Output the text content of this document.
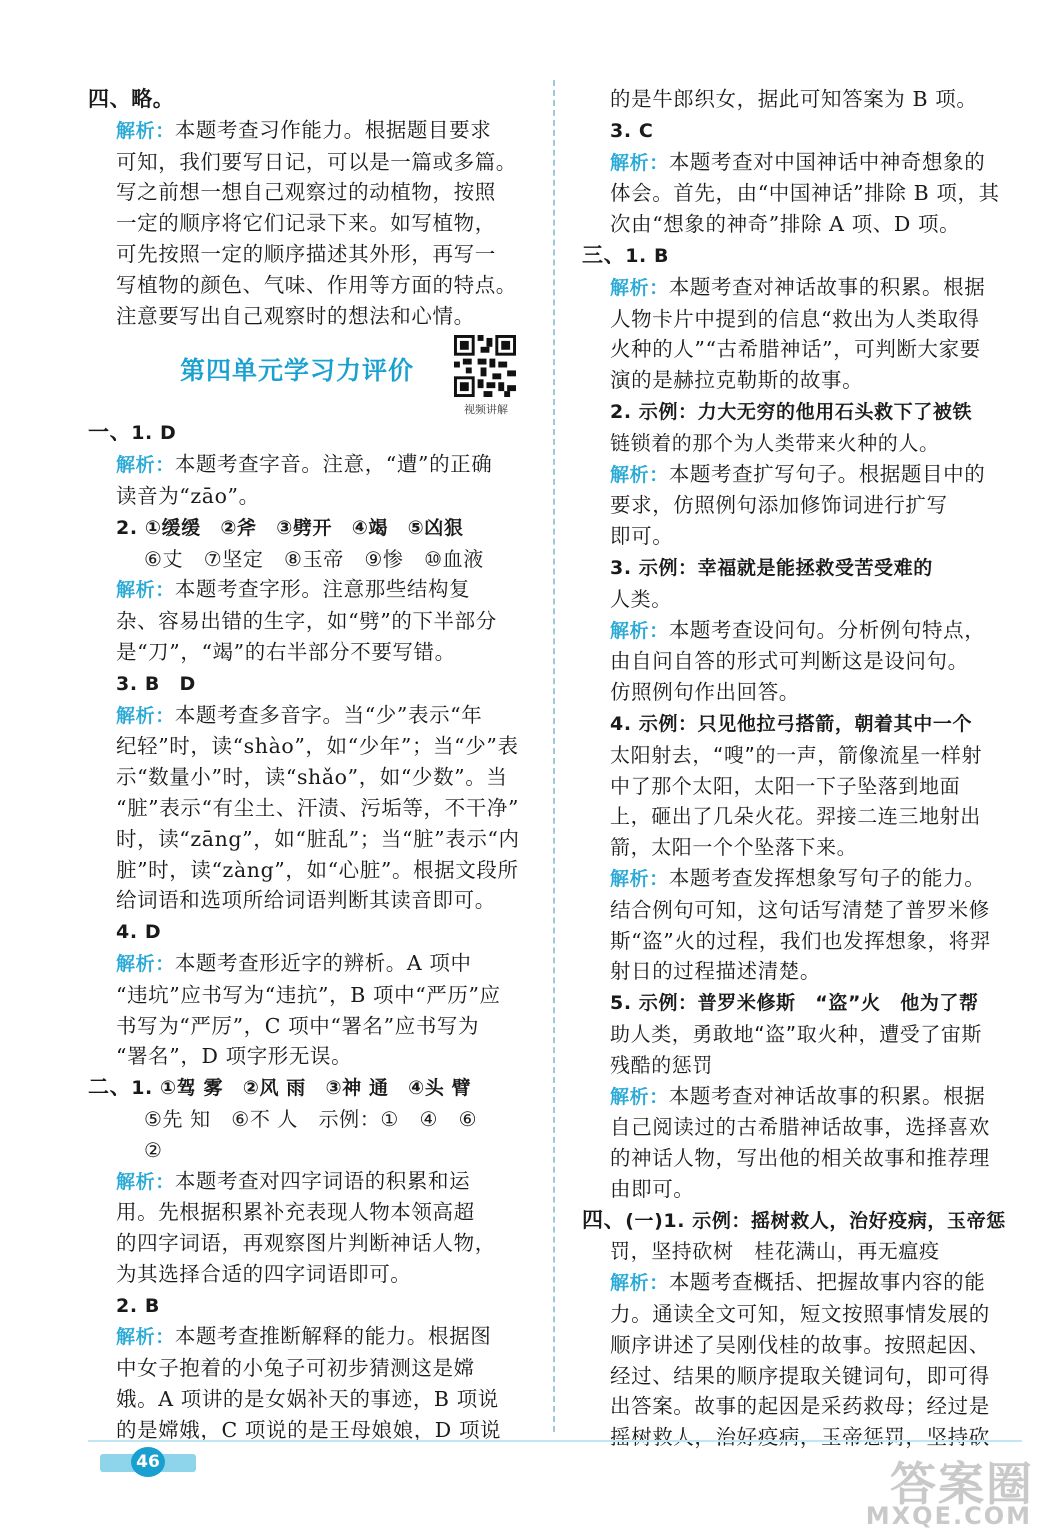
四、略。
解析：本题考查习作能力。根据题目要求
可知，我们要写日记，可以是一篇或多篇。
写之前想一想自己观察过的动植物，按照
一定的顺序将它们记录下来。如写植物，
可先按照一定的顺序描述其外形，再写一
写植物的颜色、气味、作用等方面的特点。
注意要写出自己观察时的想法和心情。
第四单元学习力评价
视频讲解
一、1. D
解析：本题考查字音。注意，“遭”的正确
读音为“zāo”。
2. ①缓缓　②斧　③劈开　④竭　⑤凶狠
⑥丈　⑦坚定　⑧玉帝　⑨惨　⑩血液
解析：本题考查字形。注意那些结构复
杂、容易出错的生字，如“劈”的下半部分
是“刀”，“竭”的右半部分不要写错。
3. B　D
解析：本题考查多音字。当“少”表示“年
纪轻”时，读“shào”，如“少年”；当“少”表
示“数量小”时，读“shǎo”，如“少数”。当
“脏”表示“有尘土、汗渍、污垢等，不干净”
时，读“zāng”，如“脏乱”；当“脏”表示“内
脏”时，读“zàng”，如“心脏”。根据文段所
给词语和选项所给词语判断其读音即可。
4. D
解析：本题考查形近字的辨析。A 项中
“违坑”应书写为“违抗”，B 项中“严历”应
书写为“严厉”，C 项中“署名”应书写为
“署名”，D 项字形无误。
二、1. ①驾 雾　②风 雨　③神 通　④头 臂
⑤先 知　⑥不 人　示例：①　④　⑥
②
解析：本题考查对四字词语的积累和运
用。先根据积累补充表现人物本领高超
的四字词语，再观察图片判断神话人物，
为其选择合适的四字词语即可。
2. B
解析：本题考查推断解释的能力。根据图
中女子抱着的小兔子可初步猜测这是嫦
娥。A 项讲的是女娲补天的事迹，B 项说
的是嫦娥，C 项说的是王母娘娘，D 项说
的是牛郎织女，据此可知答案为 B 项。
3. C
解析：本题考查对中国神话中神奇想象的
体会。首先，由“中国神话”排除 B 项，其
次由“想象的神奇”排除 A 项、D 项。
三、1. B
解析：本题考查对神话故事的积累。根据
人物卡片中提到的信息“救出为人类取得
火种的人”“古希腊神话”，可判断大家要
演的是赫拉克勒斯的故事。
2. 示例：力大无穷的他用石头救下了被铁
链锁着的那个为人类带来火种的人。
解析：本题考查扩写句子。根据题目中的
要求，仿照例句添加修饰词进行扩写
即可。
3. 示例：幸福就是能拯救受苦受难的
人类。
解析：本题考查设问句。分析例句特点，
由自问自答的形式可判断这是设问句。
仿照例句作出回答。
4. 示例：只见他拉弓搭箭，朝着其中一个
太阳射去，“嗖”的一声，箭像流星一样射
中了那个太阳，太阳一下子坠落到地面
上，砸出了几朵火花。羿接二连三地射出
箭，太阳一个个坠落下来。
解析：本题考查发挥想象写句子的能力。
结合例句可知，这句话写清楚了普罗米修
斯“盗”火的过程，我们也发挥想象，将羿
射日的过程描述清楚。
5. 示例：普罗米修斯　“盗”火　他为了帮
助人类，勇敢地“盗”取火种，遭受了宙斯
残酷的惩罚
解析：本题考查对神话故事的积累。根据
自己阅读过的古希腊神话故事，选择喜欢
的神话人物，写出他的相关故事和推荐理
由即可。
四、(一)1. 示例：摇树救人，治好疫病，玉帝惩
罚，坚持砍树　桂花满山，再无瘟疫
解析：本题考查概括、把握故事内容的能
力。通读全文可知，短文按照事情发展的
顺序讲述了吴刚伐桂的故事。按照起因、
经过、结果的顺序提取关键词句，即可得
出答案。故事的起因是采药救母；经过是
摇树救人，治好疫病，玉帝惩罚，坚持砍
46	答案圈
MXQE.COM
